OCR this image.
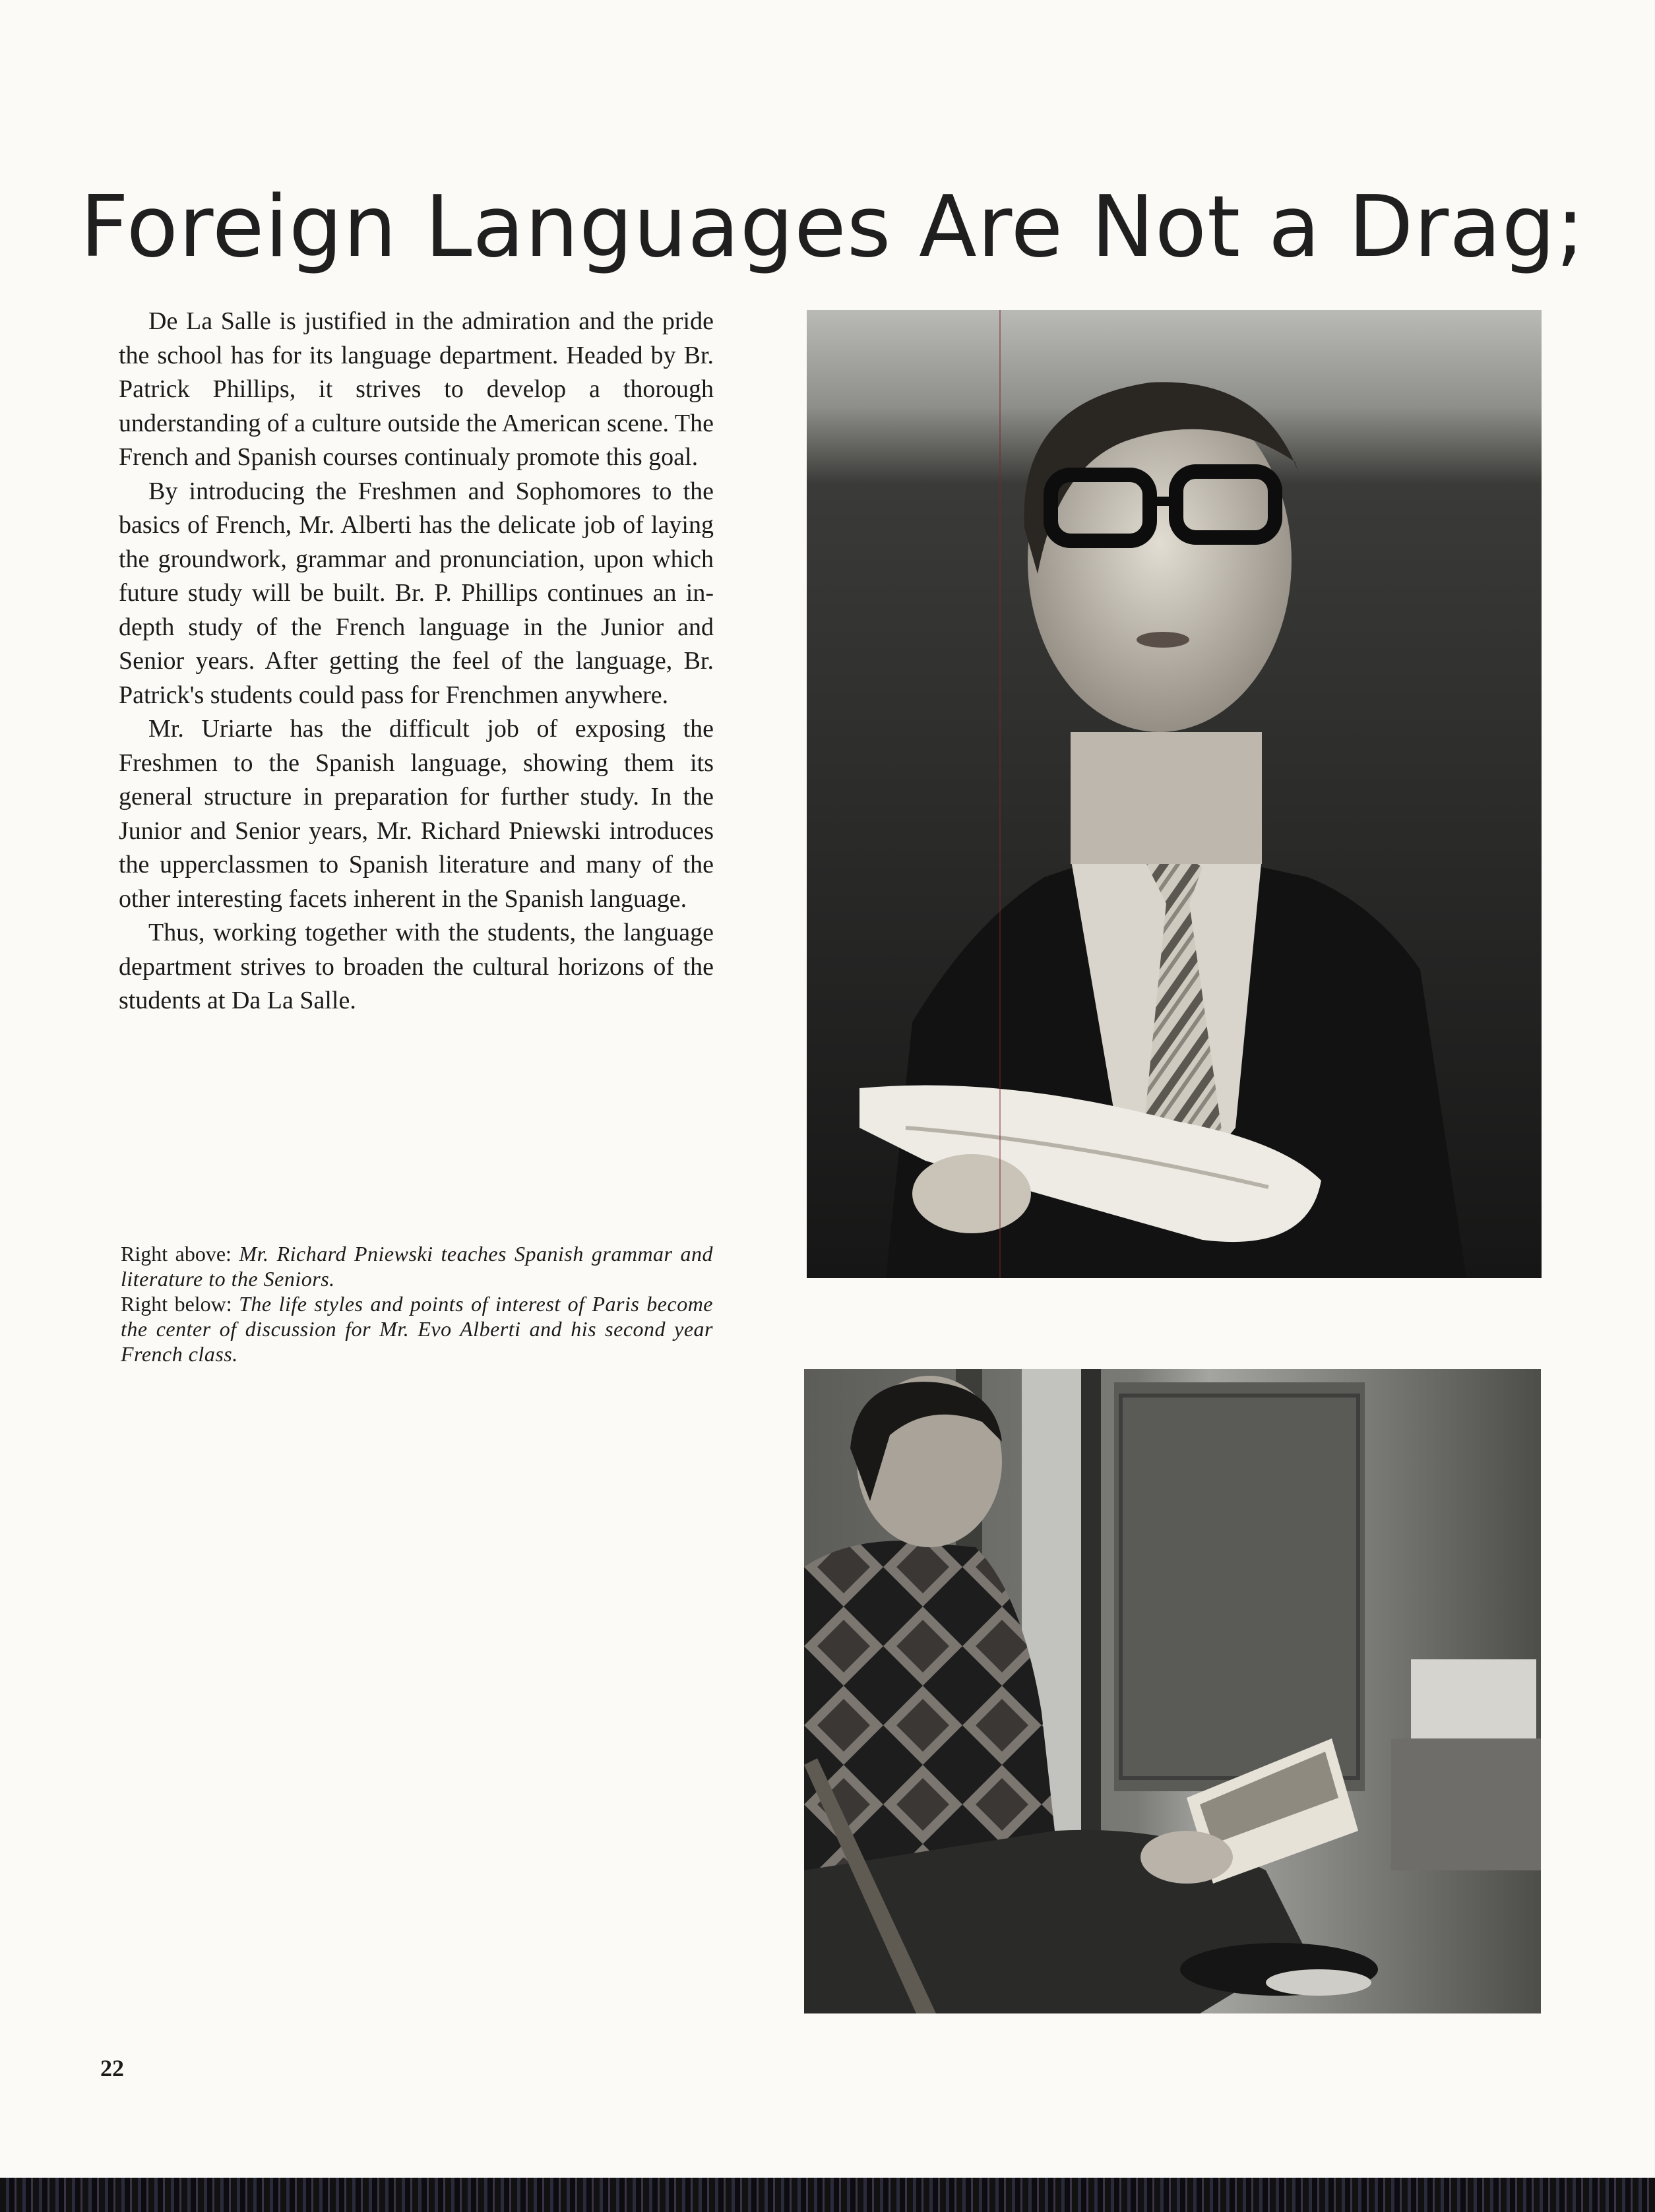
Foreign Languages Are Not a Drag;

De La Salle is justified in the admiration and the pride the school has for its language department. Headed by Br. Patrick Phillips, it strives to develop a thorough understanding of a culture outside the American scene. The French and Spanish courses continualy promote this goal.

By introducing the Freshmen and Sophomores to the basics of French, Mr. Alberti has the delicate job of laying the groundwork, grammar and pronunciation, upon which future study will be built. Br. P. Phillips continues an in-depth study of the French language in the Junior and Senior years. After getting the feel of the language, Br. Patrick's students could pass for Frenchmen anywhere.

Mr. Uriarte has the difficult job of exposing the Freshmen to the Spanish language, showing them its general structure in preparation for further study. In the Junior and Senior years, Mr. Richard Pniewski introduces the upperclassmen to Spanish literature and many of the other interesting facets inherent in the Spanish language.

Thus, working together with the students, the language department strives to broaden the cultural horizons of the students at Da La Salle.

Right above: Mr. Richard Pniewski teaches Spanish grammar and literature to the Seniors.

Right below: The life styles and points of interest of Paris become the center of discussion for Mr. Evo Alberti and his second year French class.

22
